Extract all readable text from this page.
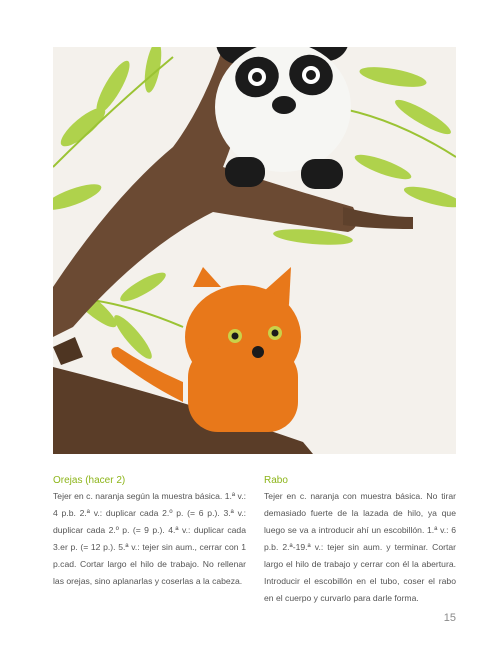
Orejas (hacer 2)

Tejer en c. naranja según la muestra básica. 1.ª v.: 4 p.b. 2.ª v.: duplicar cada 2.º p. (= 6 p.). 3.ª v.: duplicar cada 2.º p. (= 9 p.). 4.ª v.: duplicar cada 3.er p. (= 12 p.). 5.ª v.: tejer sin aum., cerrar con 1 p.cad. Cortar largo el hilo de trabajo. No rellenar las orejas, sino aplanarlas y coserlas a la cabeza.

Rabo

Tejer en c. naranja con muestra básica. No tirar demasiado fuerte de la lazada de hilo, ya que luego se va a introducir ahí un escobillón. 1.ª v.: 6 p.b. 2.ª-19.ª v.: tejer sin aum. y terminar. Cortar largo el hilo de trabajo y cerrar con él la abertura. Introducir el escobillón en el tubo, coser el rabo en el cuerpo y curvarlo para darle forma.

15
